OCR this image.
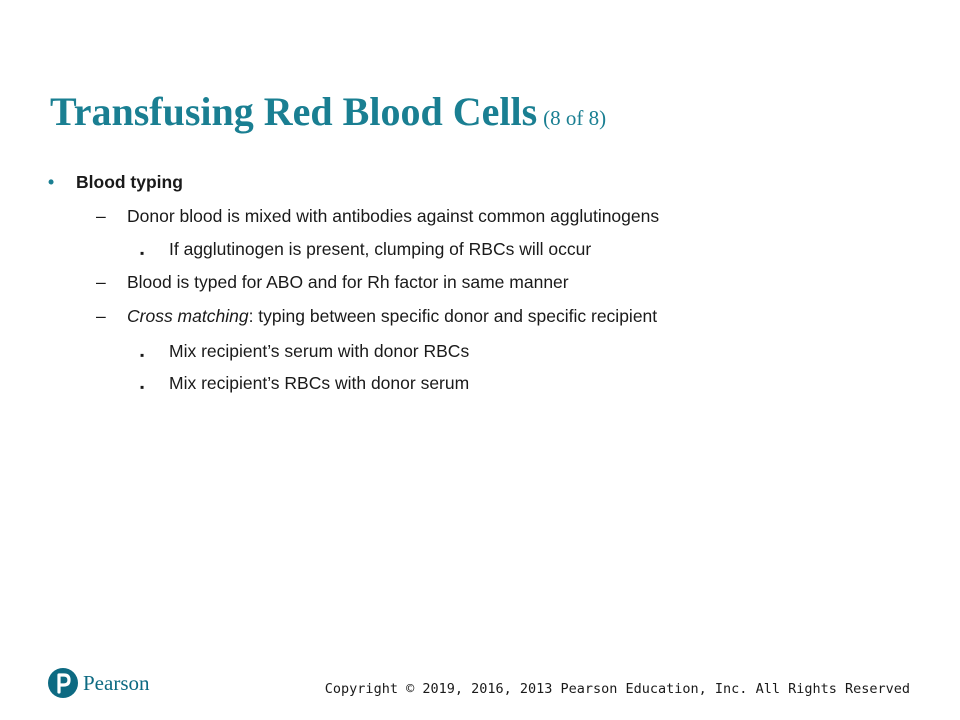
Transfusing Red Blood Cells (8 of 8)
• Blood typing
– Donor blood is mixed with antibodies against common agglutinogens
▪ If agglutinogen is present, clumping of RBCs will occur
– Blood is typed for ABO and for Rh factor in same manner
– Cross matching: typing between specific donor and specific recipient
▪ Mix recipient’s serum with donor RBCs
▪ Mix recipient’s RBCs with donor serum
Pearson	Copyright © 2019, 2016, 2013 Pearson Education, Inc. All Rights Reserved
